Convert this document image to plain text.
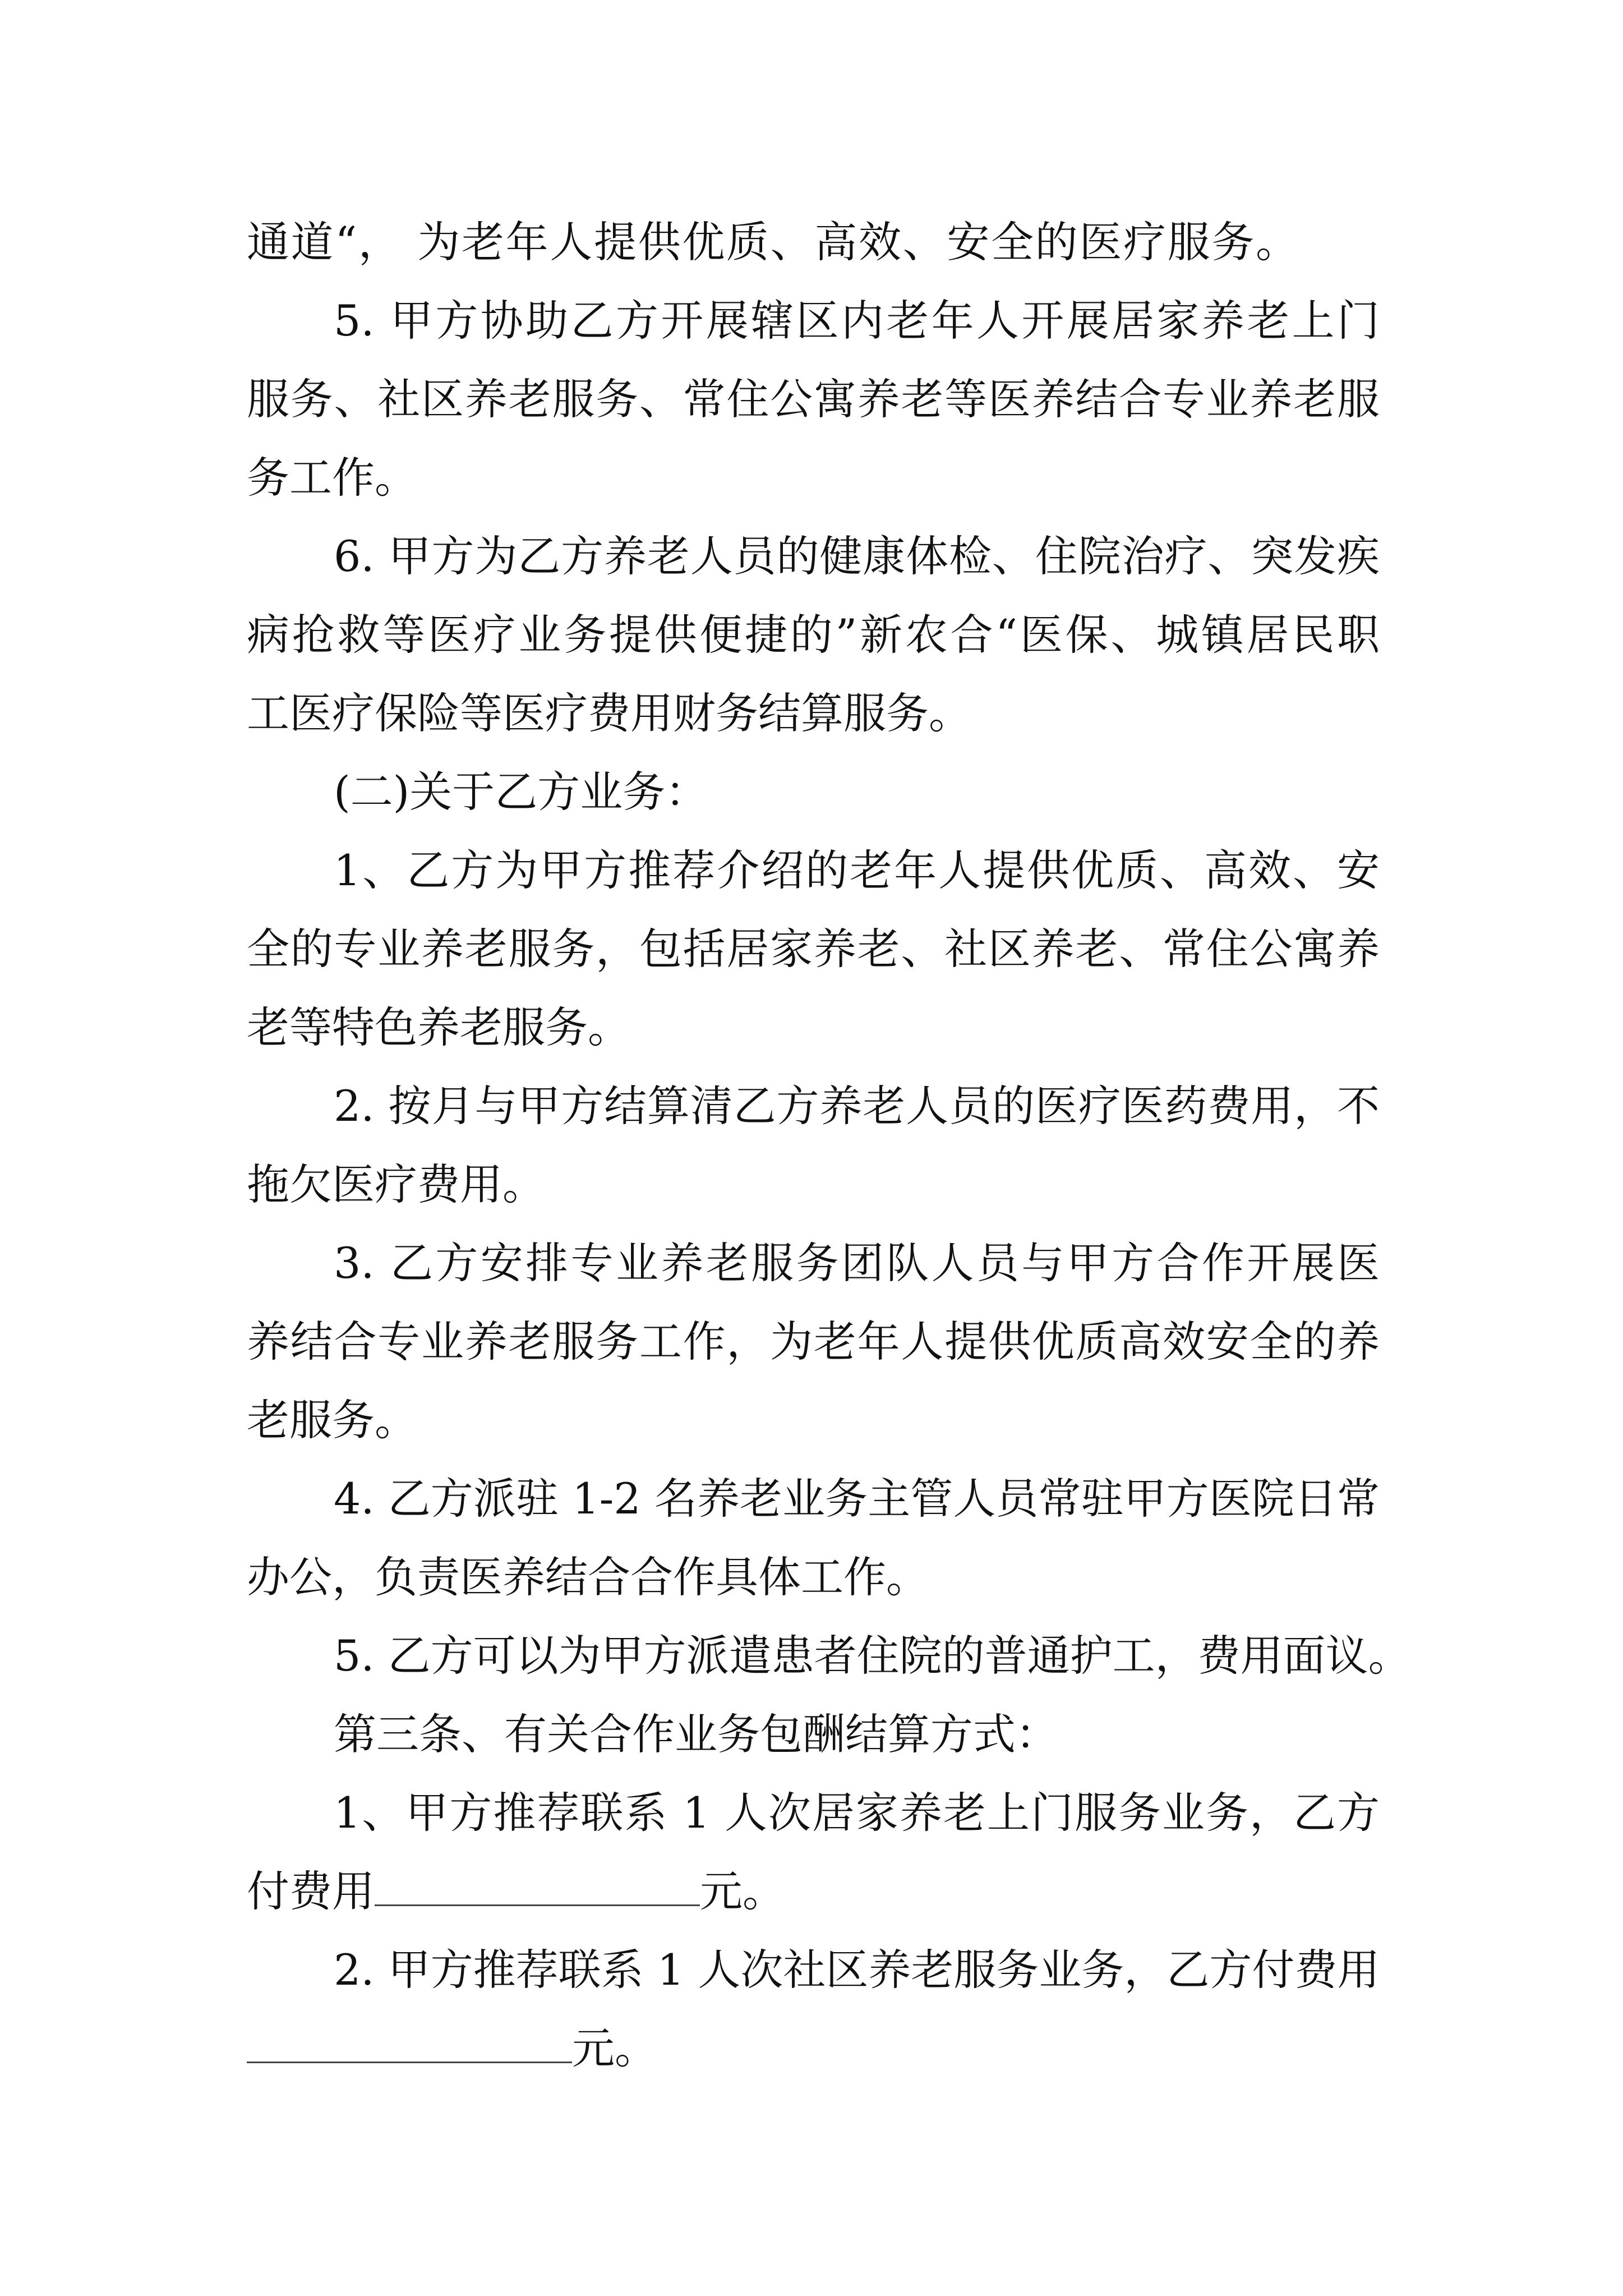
通道“， 为老年人提供优质、高效、安全的医疗服务。
5. 甲方协助乙方开展辖区内老年人开展居家养老上门
服务、社区养老服务、常住公寓养老等医养结合专业养老服
务工作。
6. 甲方为乙方养老人员的健康体检、住院治疗、突发疾
病抢救等医疗业务提供便捷的”新农合“医保、城镇居民职
工医疗保险等医疗费用财务结算服务。
(二)关于乙方业务：
1、乙方为甲方推荐介绍的老年人提供优质、高效、安
全的专业养老服务，包括居家养老、社区养老、常住公寓养
老等特色养老服务。
2. 按月与甲方结算清乙方养老人员的医疗医药费用，不
拖欠医疗费用。
3. 乙方安排专业养老服务团队人员与甲方合作开展医
养结合专业养老服务工作，为老年人提供优质高效安全的养
老服务。
4. 乙方派驻 1-2 名养老业务主管人员常驻甲方医院日常
办公，负责医养结合合作具体工作。
5. 乙方可以为甲方派遣患者住院的普通护工，费用面议。
第三条、有关合作业务包酬结算方式：
1、甲方推荐联系 1 人次居家养老上门服务业务，乙方
付费用	元。
2. 甲方推荐联系 1 人次社区养老服务业务，乙方付费用
元。
